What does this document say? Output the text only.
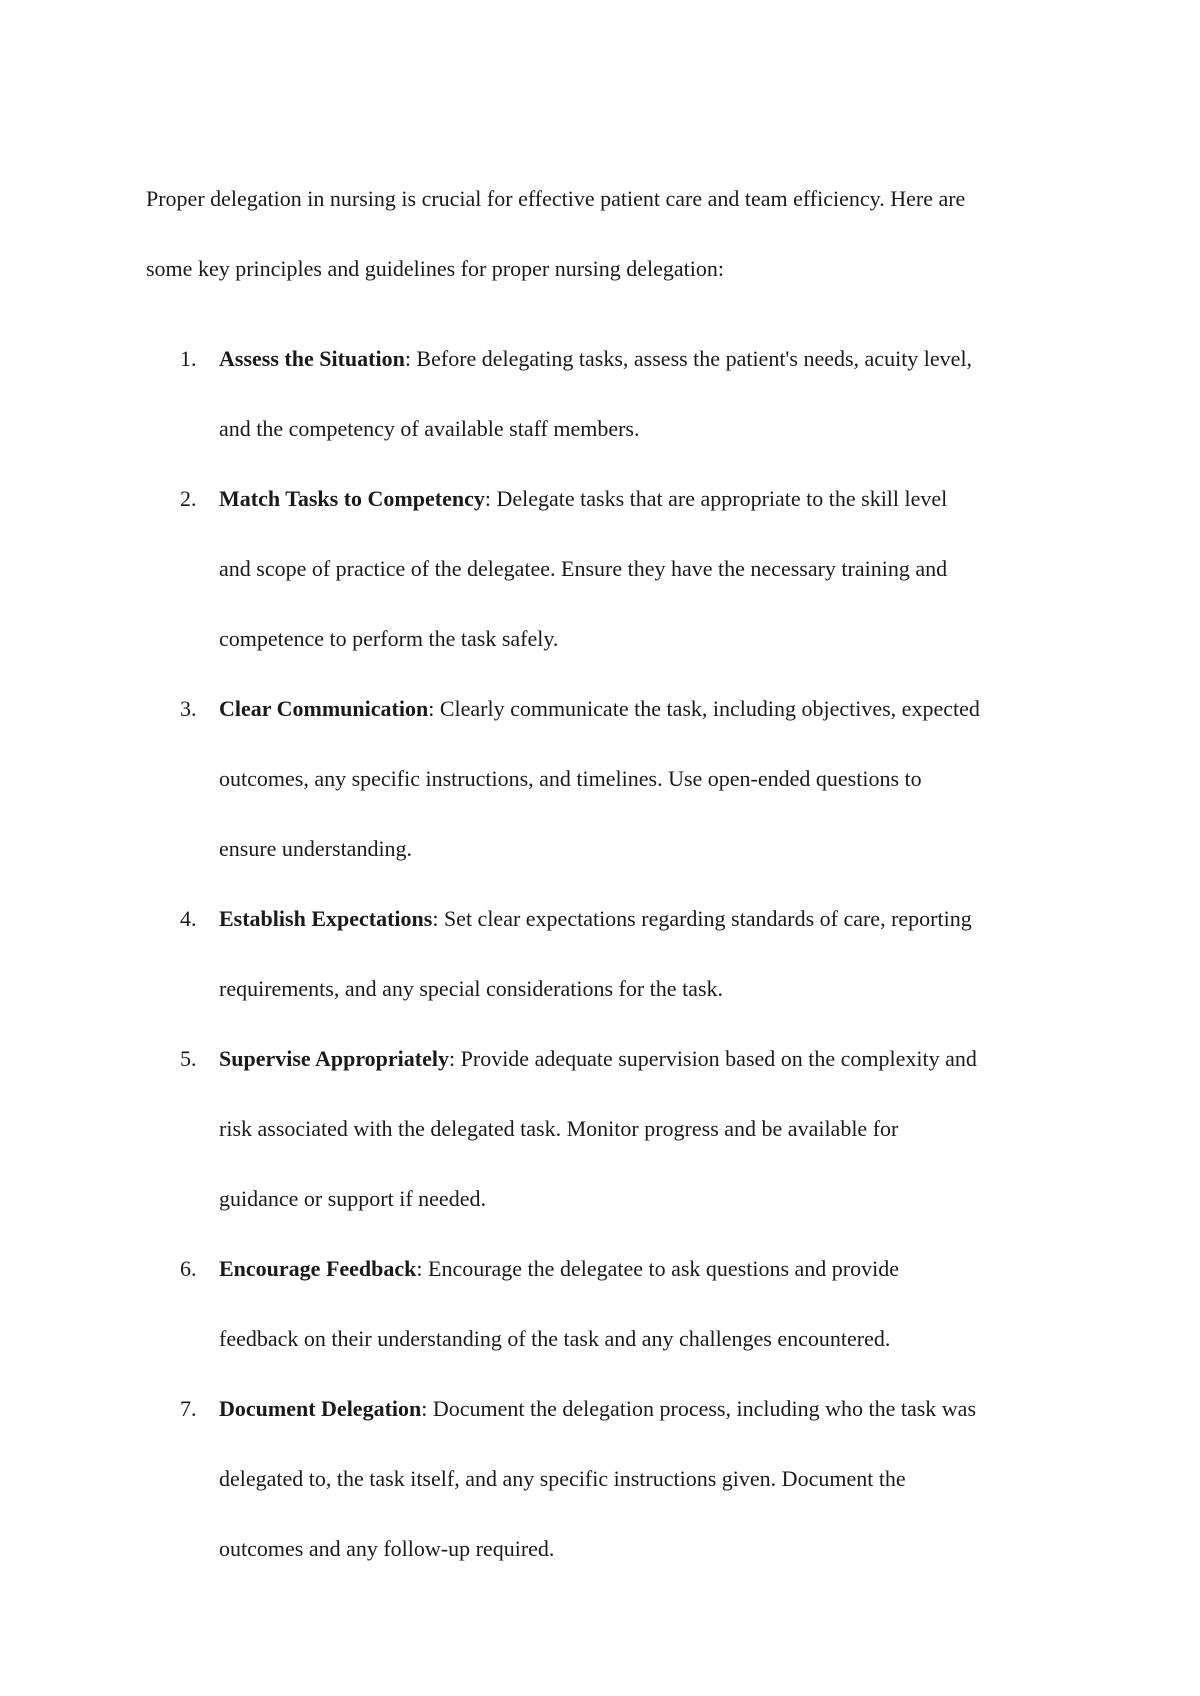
Proper delegation in nursing is crucial for effective patient care and team efficiency. Here are
some key principles and guidelines for proper nursing delegation:

1.	Assess the Situation: Before delegating tasks, assess the patient's needs, acuity level,
and the competency of available staff members.
2.	Match Tasks to Competency: Delegate tasks that are appropriate to the skill level
and scope of practice of the delegatee. Ensure they have the necessary training and
competence to perform the task safely.
3.	Clear Communication: Clearly communicate the task, including objectives, expected
outcomes, any specific instructions, and timelines. Use open-ended questions to
ensure understanding.
4.	Establish Expectations: Set clear expectations regarding standards of care, reporting
requirements, and any special considerations for the task.
5.	Supervise Appropriately: Provide adequate supervision based on the complexity and
risk associated with the delegated task. Monitor progress and be available for
guidance or support if needed.
6.	Encourage Feedback: Encourage the delegatee to ask questions and provide
feedback on their understanding of the task and any challenges encountered.
7.	Document Delegation: Document the delegation process, including who the task was
delegated to, the task itself, and any specific instructions given. Document the
outcomes and any follow-up required.
